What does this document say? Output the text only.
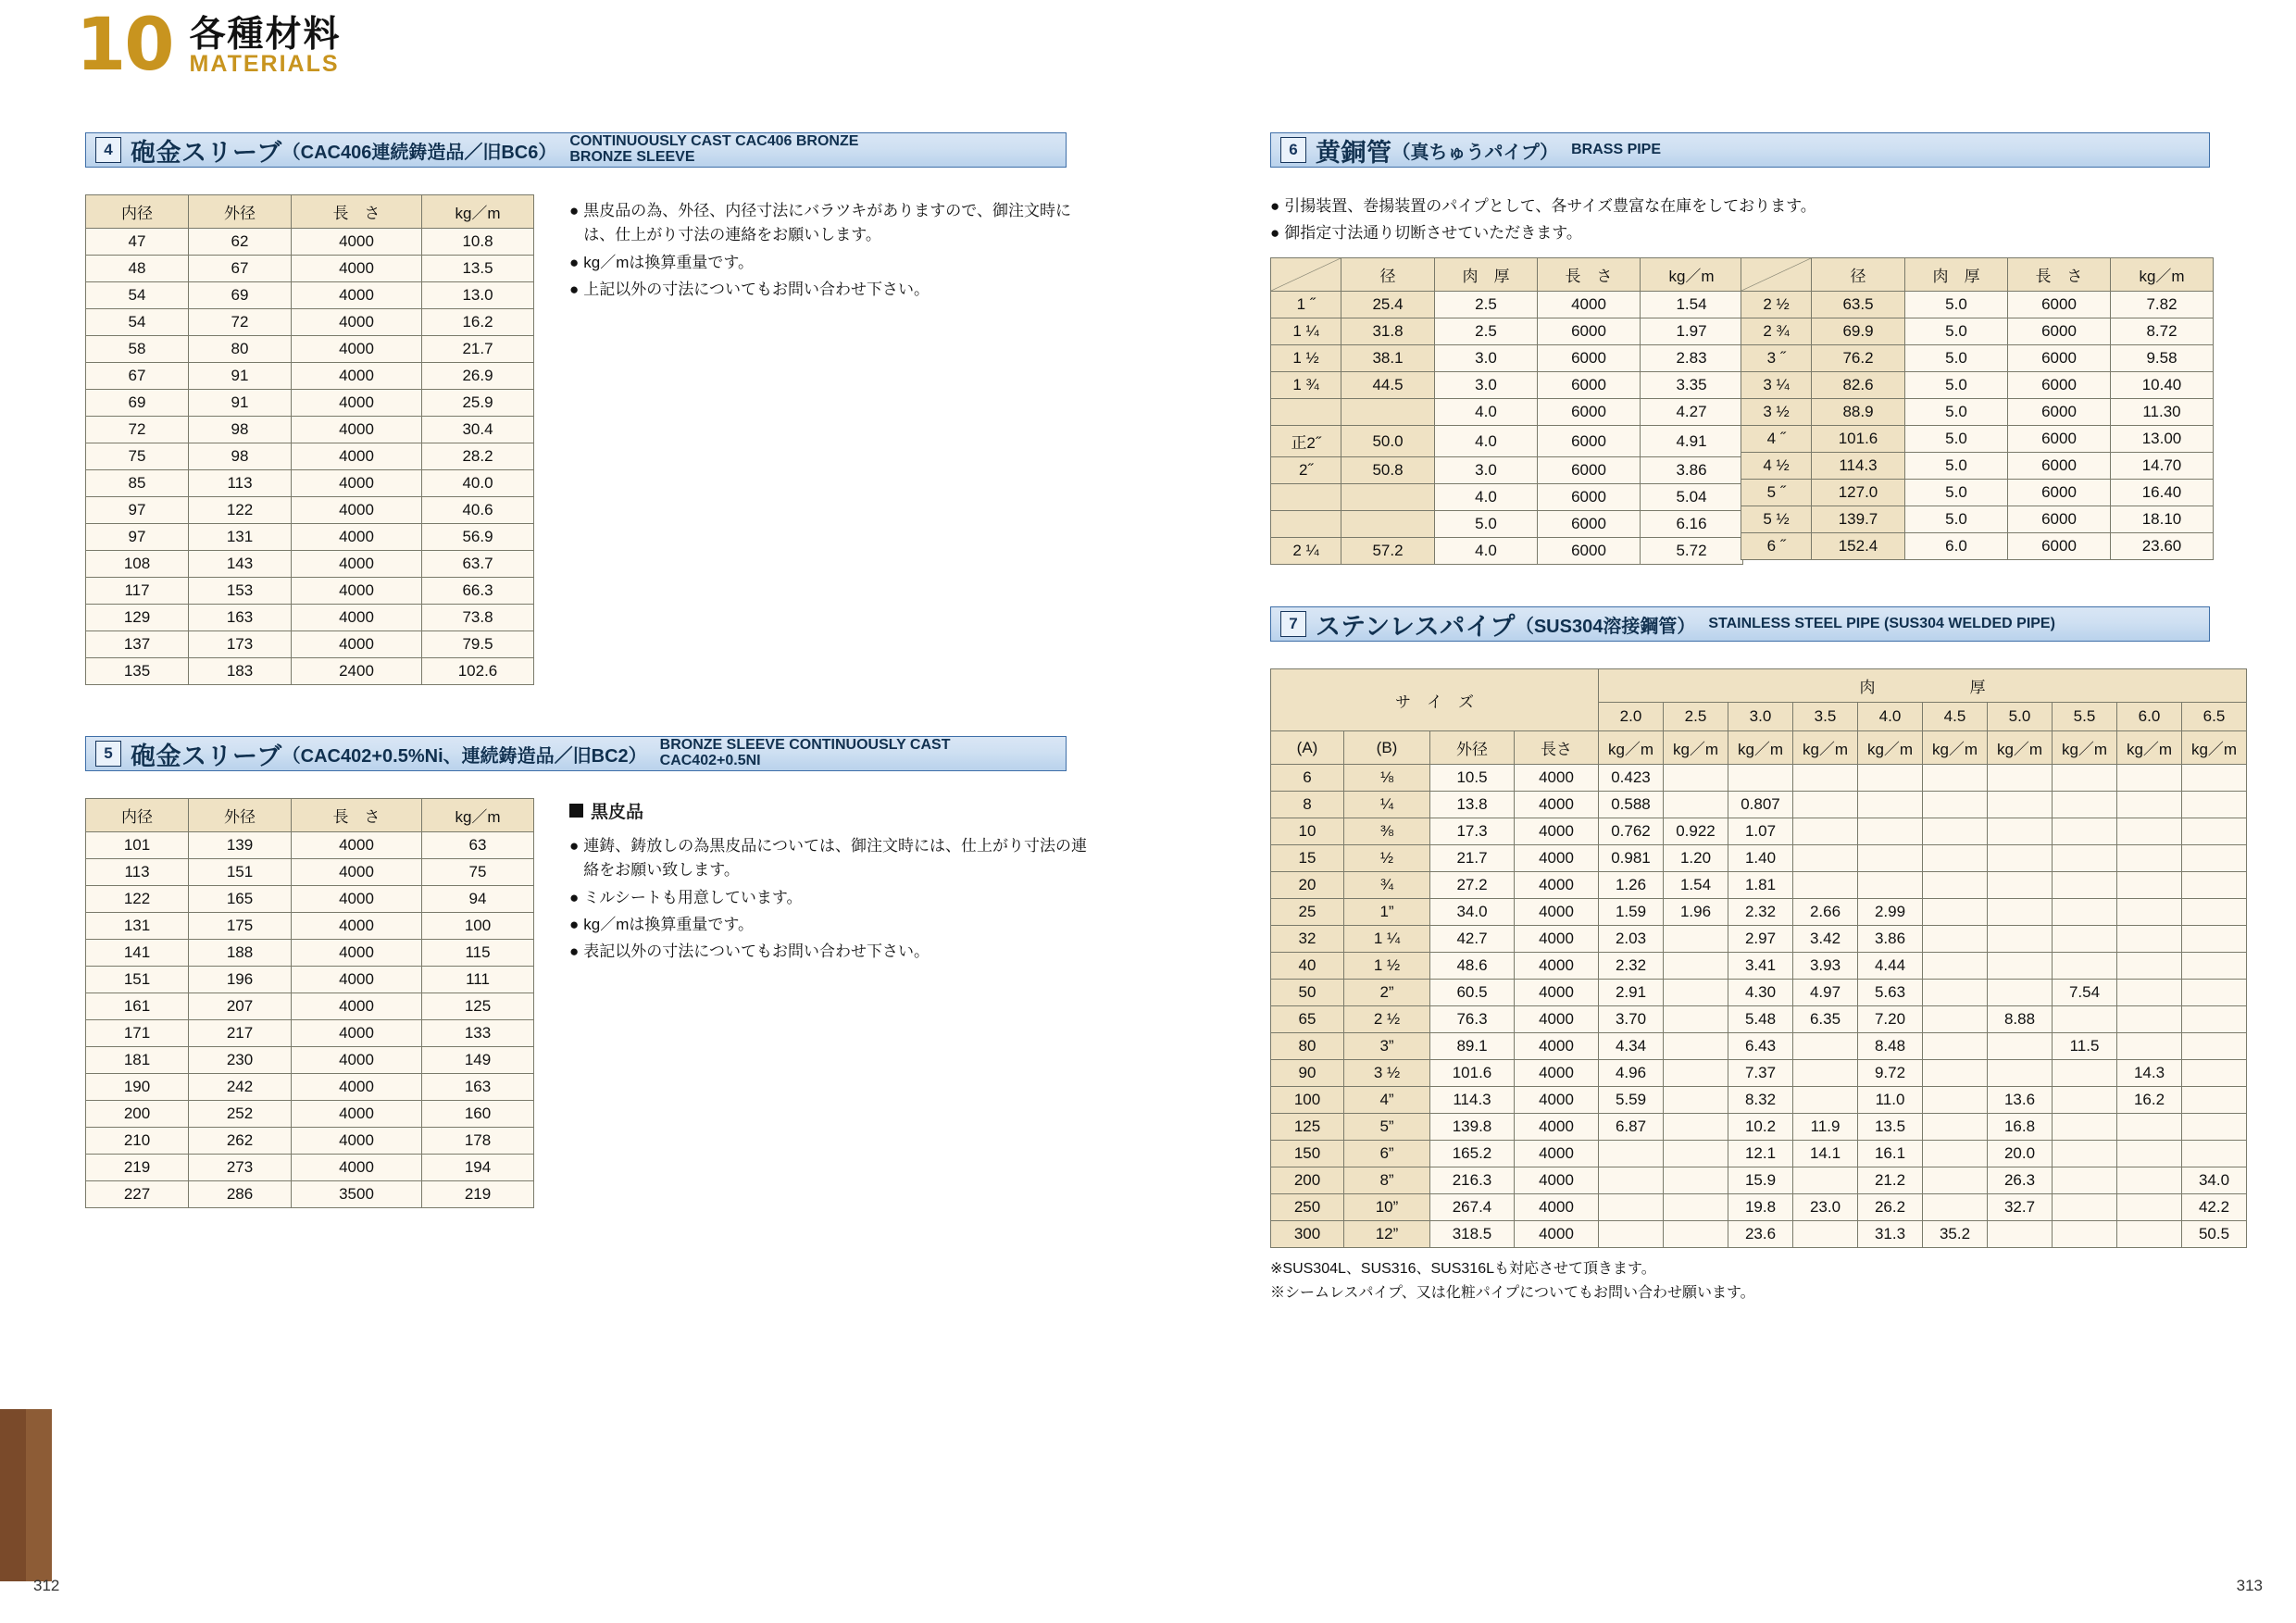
10 各種材料
MATERIALS
4 砲金スリーブ （CAC406連続鋳造品／旧BC6）
CONTINUOUSLY CAST CAC406 BRONZE
BRONZE SLEEVE
内径	外径	長　さ	kg／m
47	62	4000	10.8
48	67	4000	13.5
54	69	4000	13.0
54	72	4000	16.2
58	80	4000	21.7
67	91	4000	26.9
69	91	4000	25.9
72	98	4000	30.4
75	98	4000	28.2
85	113	4000	40.0
97	122	4000	40.6
97	131	4000	56.9
108	143	4000	63.7
117	153	4000	66.3
129	163	4000	73.8
137	173	4000	79.5
135	183	2400	102.6
● 黒皮品の為、外径、内径寸法にバラツキがありますので、御注文時には、仕上がり寸法の連絡をお願いします。

● kg／mは換算重量です。

● 上記以外の寸法についてもお問い合わせ下さい。

5 砲金スリーブ （CAC402+0.5%Ni、連続鋳造品／旧BC2）
BRONZE SLEEVE CONTINUOUSLY CAST
CAC402+0.5NI
内径	外径	長　さ	kg／m
101	139	4000	63
113	151	4000	75
122	165	4000	94
131	175	4000	100
141	188	4000	115
151	196	4000	111
161	207	4000	125
171	217	4000	133
181	230	4000	149
190	242	4000	163
200	252	4000	160
210	262	4000	178
219	273	4000	194
227	286	3500	219
黒皮品
● 連鋳、鋳放しの為黒皮品については、御注文時には、仕上がり寸法の連絡をお願い致します。

● ミルシートも用意しています。

● kg／mは換算重量です。

● 表記以外の寸法についてもお問い合わせ下さい。

6 黄銅管 （真ちゅうパイプ） BRASS PIPE
● 引揚装置、巻揚装置のパイプとして、各サイズ豊富な在庫をしております。

● 御指定寸法通り切断させていただきます。

	径	肉　厚	長　さ	kg／m
1 ˝	25.4	2.5	4000	1.54
1 ¼	31.8	2.5	6000	1.97
1 ½	38.1	3.0	6000	2.83
1 ¾	44.5	3.0	6000	3.35
		4.0	6000	4.27
正2˝	50.0	4.0	6000	4.91
2˝	50.8	3.0	6000	3.86
		4.0	6000	5.04
		5.0	6000	6.16
2 ¼	57.2	4.0	6000	5.72
	径	肉　厚	長　さ	kg／m
2 ½	63.5	5.0	6000	7.82
2 ¾	69.9	5.0	6000	8.72
3 ˝	76.2	5.0	6000	9.58
3 ¼	82.6	5.0	6000	10.40
3 ½	88.9	5.0	6000	11.30
4 ˝	101.6	5.0	6000	13.00
4 ½	114.3	5.0	6000	14.70
5 ˝	127.0	5.0	6000	16.40
5 ½	139.7	5.0	6000	18.10
6 ˝	152.4	6.0	6000	23.60
7 ステンレスパイプ （SUS304溶接鋼管） STAINLESS STEEL PIPE (SUS304 WELDED PIPE)
サ　イ　ズ				肉　　　　　　厚									
				2.0	2.5	3.0	3.5	4.0	4.5	5.0	5.5	6.0	6.5
(A)	(B)	外径	長さ	kg／m	kg／m	kg／m	kg／m	kg／m	kg／m	kg／m	kg／m	kg／m	kg／m
6	⅛	10.5	4000	0.423									
8	¼	13.8	4000	0.588		0.807							
10	⅜	17.3	4000	0.762	0.922	1.07							
15	½	21.7	4000	0.981	1.20	1.40							
20	¾	27.2	4000	1.26	1.54	1.81							
25	1”	34.0	4000	1.59	1.96	2.32	2.66	2.99					
32	1 ¼	42.7	4000	2.03		2.97	3.42	3.86					
40	1 ½	48.6	4000	2.32		3.41	3.93	4.44					
50	2”	60.5	4000	2.91		4.30	4.97	5.63			7.54		
65	2 ½	76.3	4000	3.70		5.48	6.35	7.20		8.88			
80	3”	89.1	4000	4.34		6.43		8.48			11.5		
90	3 ½	101.6	4000	4.96		7.37		9.72				14.3	
100	4”	114.3	4000	5.59		8.32		11.0		13.6		16.2	
125	5”	139.8	4000	6.87		10.2	11.9	13.5		16.8			
150	6”	165.2	4000			12.1	14.1	16.1		20.0			
200	8”	216.3	4000			15.9		21.2		26.3			34.0
250	10”	267.4	4000			19.8	23.0	26.2		32.7			42.2
300	12”	318.5	4000			23.6		31.3	35.2				50.5
※SUS304L、SUS316、SUS316Lも対応させて頂きます。
※シームレスパイプ、又は化粧パイプについてもお問い合わせ願います。
312	313
